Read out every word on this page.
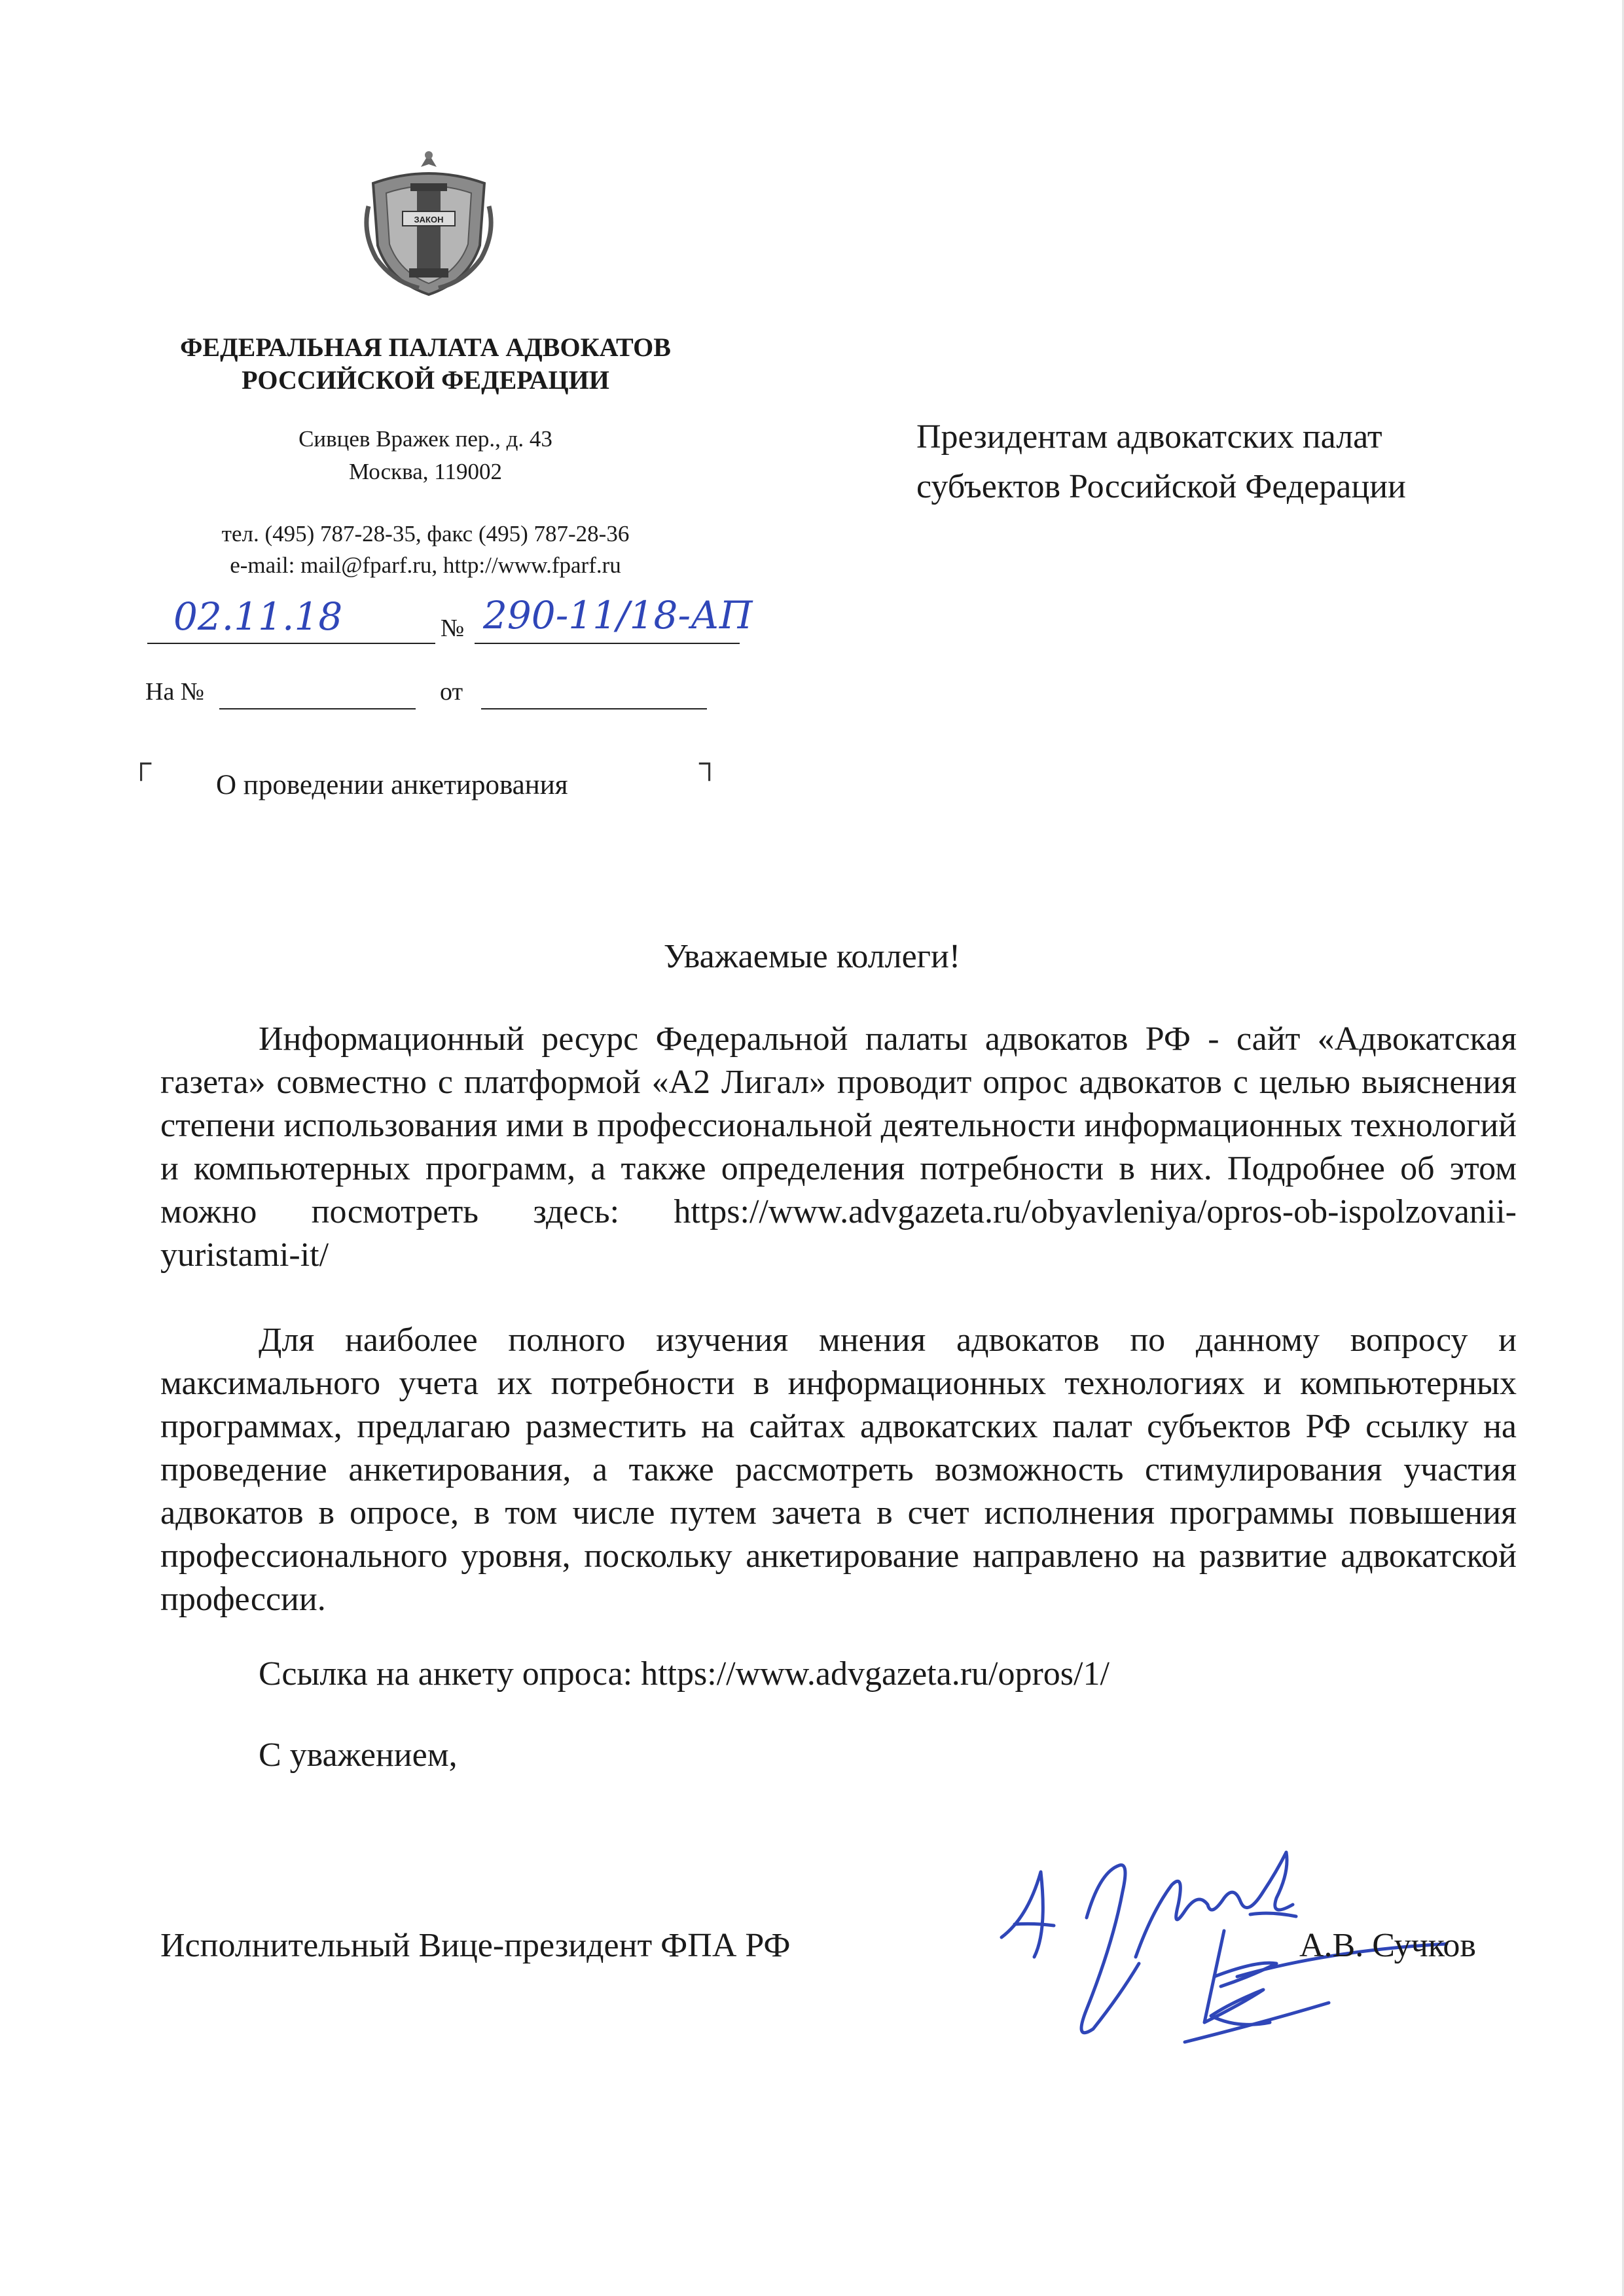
ЗАКОН
ФЕДЕРАЛЬНАЯ ПАЛАТА АДВОКАТОВ
РОССИЙСКОЙ ФЕДЕРАЦИИ
Сивцев Вражек пер., д. 43
Москва, 119002
тел. (495) 787-28-35, факс (495) 787-28-36
e-mail: mail@fparf.ru, http://www.fparf.ru
02.11.18	№ 290-11/18-АП
На №	от
Президентам адвокатских палат
субъектов Российской Федерации
┌	┐
О проведении анкетирования
Уважаемые коллеги!
Информационный ресурс Федеральной палаты адвокатов РФ - сайт «Адвокатская газета» совместно с платформой «А2 Лигал» проводит опрос адвокатов с целью выяснения степени использования ими в профессиональной деятельности информационных технологий и компьютерных программ, а также определения потребности в них. Подробнее об этом можно посмотреть здесь: https://www.advgazeta.ru/obyavleniya/opros-ob-ispolzovanii-yuristami-it/
Для наиболее полного изучения мнения адвокатов по данному вопросу и максимального учета их потребности в информационных технологиях и компьютерных программах, предлагаю разместить на сайтах адвокатских палат субъектов РФ ссылку на проведение анкетирования, а также рассмотреть возможность стимулирования участия адвокатов в опросе, в том числе путем зачета в счет исполнения программы повышения профессионального уровня, поскольку анкетирование направлено на развитие адвокатской профессии.
Ссылка на анкету опроса: https://www.advgazeta.ru/opros/1/
С уважением,
Исполнительный Вице-президент ФПА РФ	А.В. Сучков
